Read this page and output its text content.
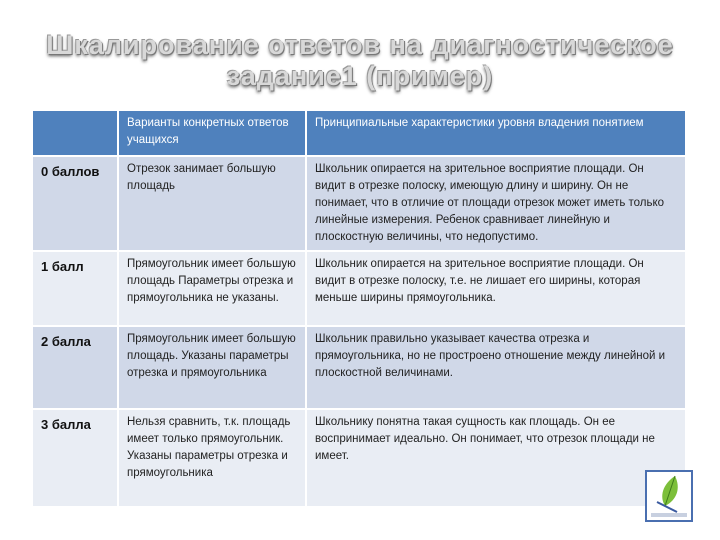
Шкалирование ответов на диагностическое
задание1 (пример)
	Варианты конкретных ответов учащихся	Принципиальные характеристики уровня владения понятием
0 баллов	Отрезок занимает большую площадь	Школьник опирается на зрительное восприятие площади. Он видит в отрезке полоску, имеющую длину и ширину. Он не понимает, что в отличие от площади отрезок может иметь только линейные измерения. Ребенок сравнивает линейную и плоскостную величины, что недопустимо.
1 балл	Прямоугольник имеет большую площадь Параметры отрезка и прямоугольника не указаны.	Школьник опирается на зрительное восприятие площади. Он видит в отрезке полоску, т.е. не лишает его ширины, которая меньше ширины прямоугольника.
2 балла	Прямоугольник имеет большую площадь. Указаны параметры отрезка и прямоугольника	Школьник правильно указывает качества отрезка и прямоугольника, но не простроено отношение между линейной и плоскостной величинами.
3 балла	Нельзя сравнить, т.к. площадь имеет только прямоугольник. Указаны параметры отрезка и прямоугольника	Школьнику понятна такая сущность как площадь. Он ее воспринимает идеально. Он понимает, что отрезок площади не имеет.
